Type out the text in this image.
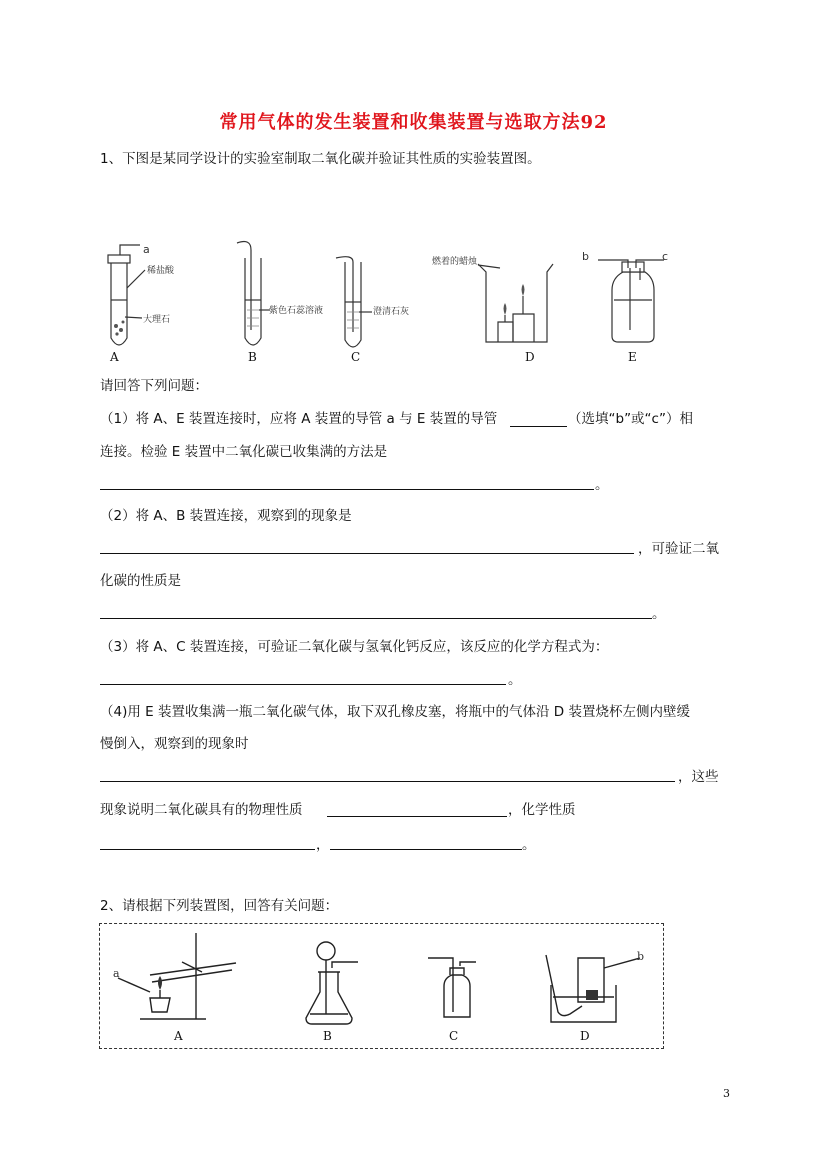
常用气体的发生装置和收集装置与选取方法92
1、下图是某同学设计的实验室制取二氧化碳并验证其性质的实验装置图。
a
稀盐酸
大理石
紫色石蕊溶液	澄清石灰
燃着的蜡烛	b	c
A	B	C	D	E
请回答下列问题：
（1）将 A、E 装置连接时，应将 A 装置的导管 a 与 E 装置的导管	（选填“b”或“c”）相
连接。检验 E 装置中二氧化碳已收集满的方法是
。
（2）将 A、B 装置连接，观察到的现象是
，可验证二氧
化碳的性质是
。
（3）将 A、C 装置连接，可验证二氧化碳与氢氧化钙反应，该反应的化学方程式为：
。
（4)用 E 装置收集满一瓶二氧化碳气体，取下双孔橡皮塞，将瓶中的气体沿 D 装置烧杯左侧内壁缓
慢倒入，观察到的现象时
，这些
现象说明二氧化碳具有的物理性质	，化学性质
，	。
2、请根据下列装置图，回答有关问题：
a
b
A	B	C	D
3
